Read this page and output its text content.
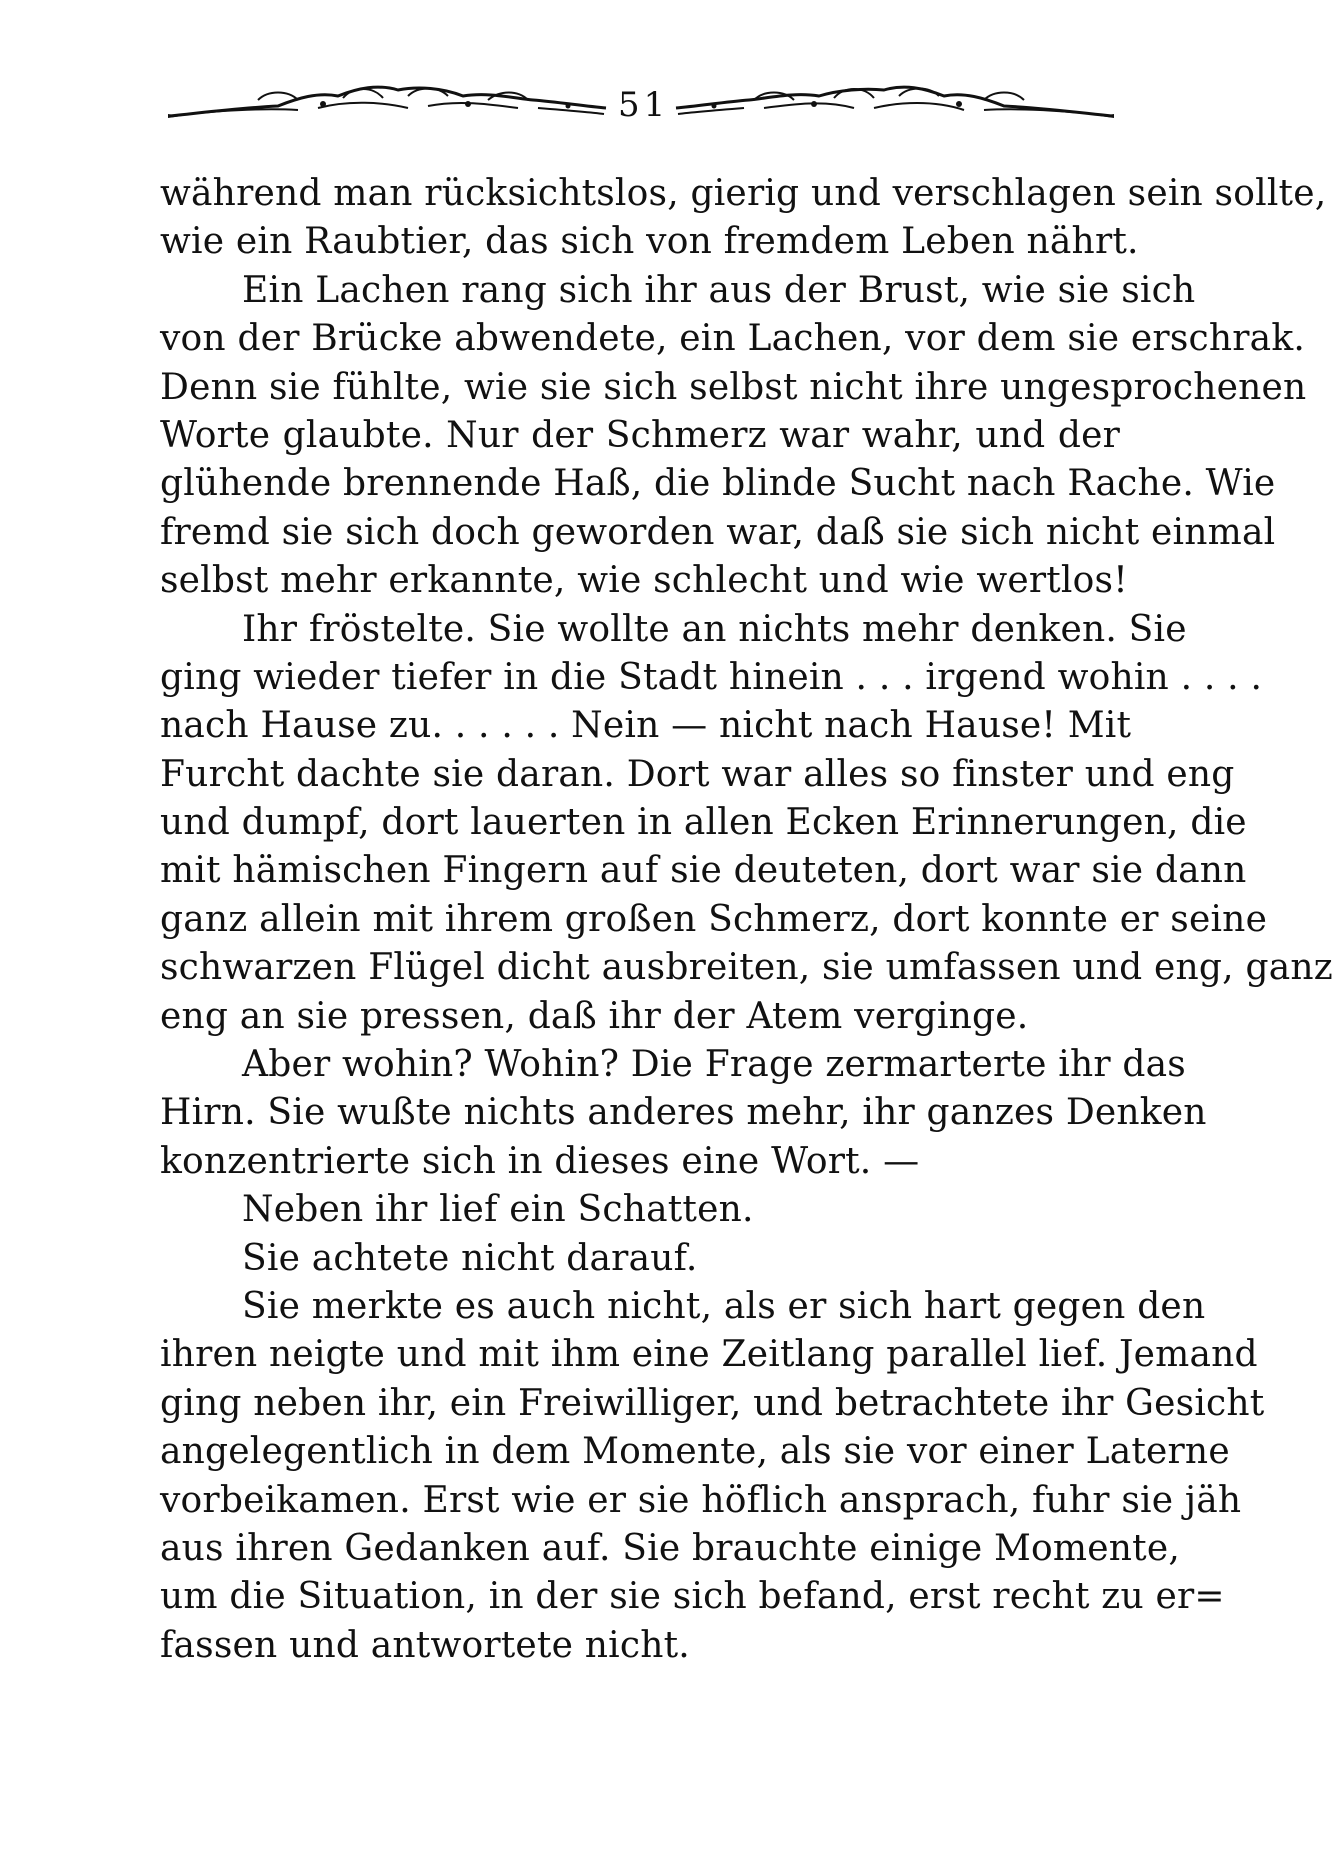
51
während man rücksichtslos, gierig und verschlagen sein sollte,
wie ein Raubtier, das sich von fremdem Leben nährt.
Ein Lachen rang sich ihr aus der Brust, wie sie sich
von der Brücke abwendete, ein Lachen, vor dem sie erschrak.
Denn sie fühlte, wie sie sich selbst nicht ihre ungesprochenen
Worte glaubte. Nur der Schmerz war wahr, und der
glühende brennende Haß, die blinde Sucht nach Rache. Wie
fremd sie sich doch geworden war, daß sie sich nicht einmal
selbst mehr erkannte, wie schlecht und wie wertlos!
Ihr fröstelte. Sie wollte an nichts mehr denken. Sie
ging wieder tiefer in die Stadt hinein . . . irgend wohin . . . .
nach Hause zu. . . . . . Nein — nicht nach Hause! Mit
Furcht dachte sie daran. Dort war alles so finster und eng
und dumpf, dort lauerten in allen Ecken Erinnerungen, die
mit hämischen Fingern auf sie deuteten, dort war sie dann
ganz allein mit ihrem großen Schmerz, dort konnte er seine
schwarzen Flügel dicht ausbreiten, sie umfassen und eng, ganz
eng an sie pressen, daß ihr der Atem verginge.
Aber wohin? Wohin? Die Frage zermarterte ihr das
Hirn. Sie wußte nichts anderes mehr, ihr ganzes Denken
konzentrierte sich in dieses eine Wort. —
Neben ihr lief ein Schatten.
Sie achtete nicht darauf.
Sie merkte es auch nicht, als er sich hart gegen den
ihren neigte und mit ihm eine Zeitlang parallel lief. Jemand
ging neben ihr, ein Freiwilliger, und betrachtete ihr Gesicht
angelegentlich in dem Momente, als sie vor einer Laterne
vorbeikamen. Erst wie er sie höflich ansprach, fuhr sie jäh
aus ihren Gedanken auf. Sie brauchte einige Momente,
um die Situation, in der sie sich befand, erst recht zu er=
fassen und antwortete nicht.
